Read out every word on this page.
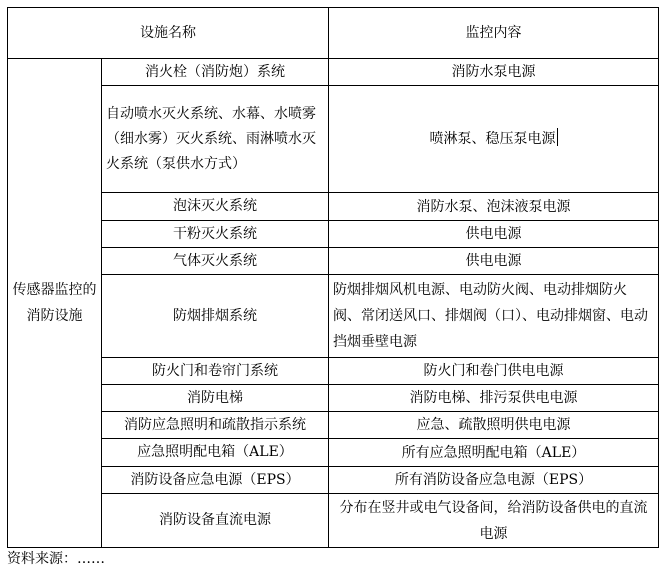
设施名称		监控内容
传感器监控的消防设施	消火栓（消防炮）系统	消防水泵电源
	自动喷水灭火系统、水幕、水喷雾（细水雾）灭火系统、雨淋喷水灭火系统（泵供水方式）	喷淋泵、稳压泵电源
	泡沫灭火系统	消防水泵、泡沫液泵电源
	干粉灭火系统	供电电源
	气体灭火系统	供电电源
	防烟排烟系统	防烟排烟风机电源、电动防火阀、电动排烟防火阀、常闭送风口、排烟阀（口）、电动排烟窗、电动挡烟垂壁电源
	防火门和卷帘门系统	防火门和卷门供电电源
	消防电梯	消防电梯、排污泵供电电源
	消防应急照明和疏散指示系统	应急、疏散照明供电电源
	应急照明配电箱（ALE）	所有应急照明配电箱（ALE）
	消防设备应急电源（EPS）	所有消防设备应急电源（EPS）
	消防设备直流电源	分布在竖井或电气设备间，给消防设备供电的直流电源
资料来源：……
